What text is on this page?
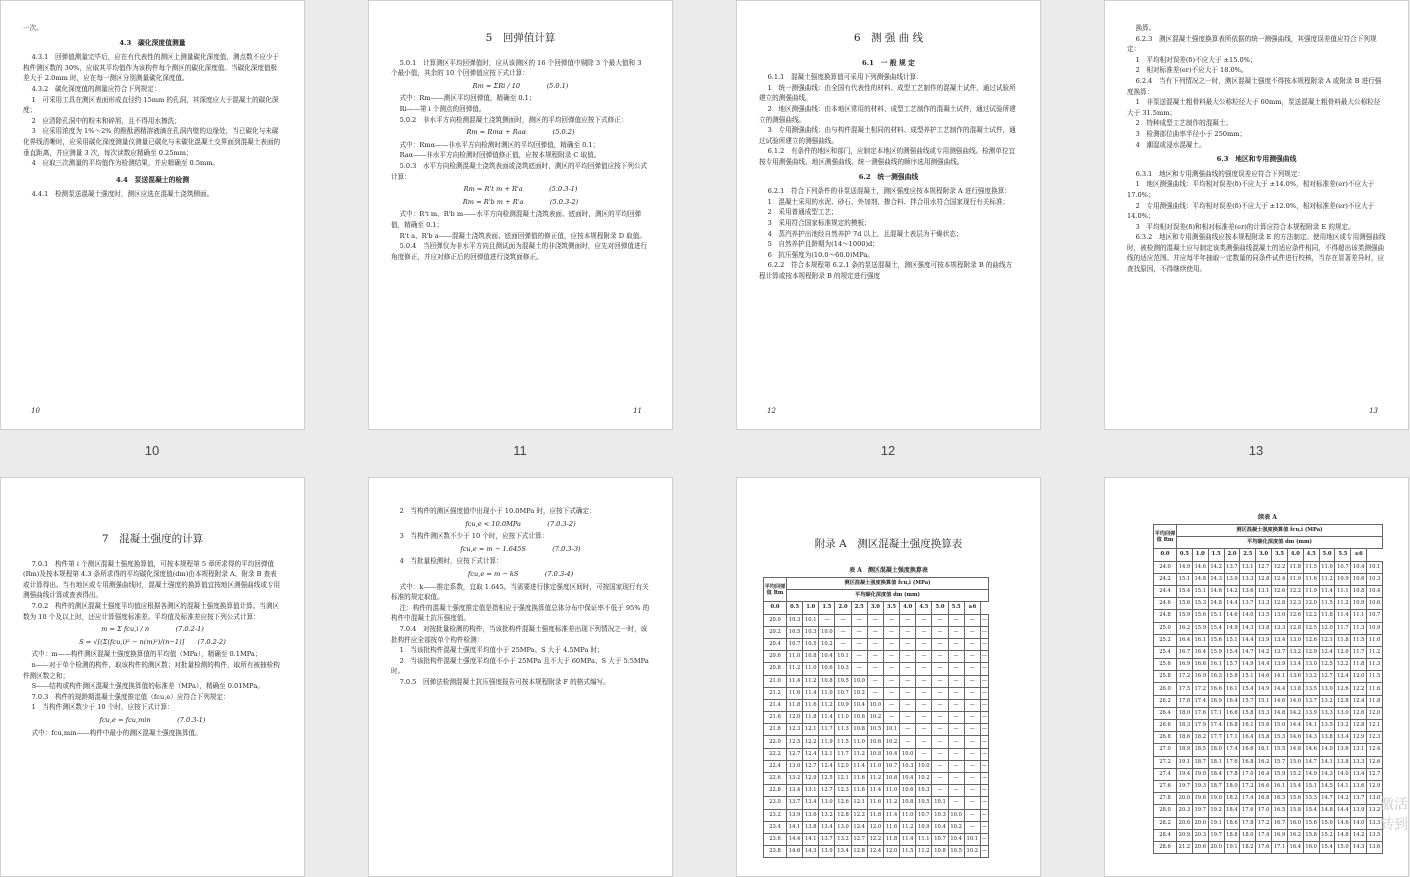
一次。

4.3　碳化深度值测量

4.3.1　回弹值测量完毕后，应在有代表性的测区上测量碳化深度值，测点数不应少于构件测区数的 30%，应取其平均值作为该构件每个测区的碳化深度值。当碳化深度值极差大于 2.0mm 时，应在每一测区分别测量碳化深度值。

4.3.2　碳化深度值的测量应符合下列规定：

1　可采用工具在测区表面形成直径约 15mm 的孔洞，其深度应大于混凝土的碳化深度；

2　应清除孔洞中的粉末和碎屑，且不得用水擦洗；

3　应采用浓度为 1%～2% 的酚酞酒精溶液滴在孔洞内壁的边缘处，当已碳化与未碳化界线清晰时，应采用碳化深度测量仪测量已碳化与未碳化混凝土交界面到混凝土表面的垂直距离，并应测量 3 次，每次读数应精确至 0.25mm；

4　应取三次测量的平均值作为检测结果，并应精确至 0.5mm。

4.4　泵送混凝土的检测

4.4.1　检测泵送混凝土强度时，测区应选在混凝土浇筑侧面。

10
10
5　回弹值计算

5.0.1　计算测区平均回弹值时，应从该测区的 16 个回弹值中剔除 3 个最大值和 3 个最小值，其余的 10 个回弹值应按下式计算：

Rm = ΣRi / 10　　　　(5.0.1)

式中：Rm——测区平均回弹值，精确至 0.1；

Ri——第 i 个测点的回弹值。

5.0.2　非水平方向检测混凝土浇筑侧面时，测区的平均回弹值应按下式修正：

Rm = Rmα + Raα　　　　(5.0.2)

式中：Rmα——非水平方向检测时测区的平均回弹值，精确至 0.1；

Raα——非水平方向检测时回弹值修正值，应按本规程附录 C 取值。

5.0.3　水平方向检测混凝土浇筑表面或浇筑底面时，测区的平均回弹值应按下列公式计算：

Rm = R't m + R'a　　　　(5.0.3-1)
Rm = R'b m + R'a　　　　(5.0.3-2)

式中：R't m、R'b m——水平方向检测混凝土浇筑表面、底面时，测区的平均回弹值，精确至 0.1；

R't a、R'b a——混凝土浇筑表面、底面回弹值的修正值，应按本规程附录 D 取值。

5.0.4　当回弹仪为非水平方向且测试面为混凝土的非浇筑侧面时，应先对回弹值进行角度修正，并应对修正后的回弹值进行浇筑面修正。

11
11
6　测 强 曲 线
6.1　一 般 规 定

6.1.1　混凝土强度换算值可采用下列测强曲线计算：

1　统一测强曲线：由全国有代表性的材料、成型工艺制作的混凝土试件，通过试验所建立的测强曲线。

2　地区测强曲线：由本地区常用的材料、成型工艺制作的混凝土试件，通过试验所建立的测强曲线。

3　专用测强曲线：由与构件混凝土相同的材料、成型养护工艺制作的混凝土试件，通过试验所建立的测强曲线。

6.1.2　有条件的地区和部门，应制定本地区的测强曲线或专用测强曲线。检测单位宜按专用测强曲线、地区测强曲线、统一测强曲线的顺序选用测强曲线。

6.2　统一测强曲线

6.2.1　符合下列条件的非泵送混凝土，测区强度应按本规程附录 A 进行强度换算：

1　混凝土采用的水泥、砂石、外加剂、掺合料、拌合用水符合国家现行有关标准；

2　采用普通成型工艺；

3　采用符合国家标准规定的模板；

4　蒸汽养护出池经自然养护 7d 以上，且混凝土表层为干燥状态；

5　自然养护且龄期为(14～1000)d；

6　抗压强度为(10.0～60.0)MPa。

6.2.2　符合本规程第 6.2.1 条的泵送混凝土，测区强度可按本规程附录 B 的曲线方程计算或按本规程附录 B 的规定进行强度

12
12

换算。

6.2.3　测区混凝土强度换算表所依据的统一测强曲线，其强度误差值应符合下列规定：

1　平均相对误差(δ)不应大于 ±15.0%；

2　相对标准差(er)不应大于 18.0%。

6.2.4　当有下列情况之一时，测区混凝土强度不得按本规程附录 A 或附录 B 进行强度换算：

1　非泵送混凝土粗骨料最大公称粒径大于 60mm，泵送混凝土粗骨料最大公称粒径大于 31.5mm；

2　特种成型工艺制作的混凝土；

3　检测部位曲率半径小于 250mm；

4　潮湿或浸水混凝土。

6.3　地区和专用测强曲线

6.3.1　地区和专用测强曲线的强度误差应符合下列规定：

1　地区测强曲线：平均相对误差(δ)不应大于 ±14.0%，相对标准差(er)不应大于 17.0%；

2　专用测强曲线：平均相对误差(δ)不应大于 ±12.0%，相对标准差(er)不应大于 14.0%；

3　平均相对误差(δ)和相对标准差(er)的计算应符合本规程附录 E 的规定。

6.3.2　地区和专用测强曲线应按本规程附录 E 的方法制定。使用地区或专用测强曲线时，被检测的混凝土应与制定该类测强曲线混凝土的适应条件相同，不得超出该类测强曲线的适应范围。并应每半年抽取一定数量的同条件试件进行校核，当存在显著差异时，应查找原因，不得继续使用。

13
13
7　混凝土强度的计算

7.0.1　构件第 i 个测区混凝土强度换算值，可按本规程第 5 章所求得的平均回弹值(Rm)及按本规程第 4.3 条所求得的平均碳化深度值(dm)由本规程附录 A、附录 B 查表或计算得出。当有地区或专用测强曲线时，混凝土强度的换算值宜按地区测强曲线或专用测强曲线计算或查表得出。

7.0.2　构件的测区混凝土强度平均值应根据各测区的混凝土强度换算值计算。当测区数为 10 个及以上时，还应计算强度标准差。平均值及标准差应按下列公式计算：

m = Σ fcu,i / n　　　　(7.0.2-1)
S = √[(Σ(fcu,i)² − n(m)²)/(n−1)]　　(7.0.2-2)

式中：m——构件测区混凝土强度换算值的平均值（MPa），精确至 0.1MPa；

n——对于单个检测的构件，取该构件的测区数；对批量检测的构件，取所有被抽检构件测区数之和；

S——结构或构件测区混凝土强度换算值的标准差（MPa），精确至 0.01MPa。

7.0.3　构件的现龄期混凝土强度推定值（fcu,e）应符合下列规定：

1　当构件测区数少于 10 个时，应按下式计算：

fcu,e = fcu,min　　　　(7.0.3-1)

式中：fcu,min——构件中最小的测区混凝土强度换算值。

2　当构件的测区强度值中出现小于 10.0MPa 时，应按下式确定：

fcu,e < 10.0MPa　　　　(7.0.3-2)

3　当构件测区数不少于 10 个时，应按下式计算：

fcu,e = m − 1.645S　　　　(7.0.3-3)

4　当批量检测时，应按下式计算：

fcu,e = m − kS　　　　(7.0.3-4)

式中：k——推定系数，宜取 1.645。当需要进行推定强度区间时，可按国家现行有关标准的规定取值。

注：构件的混凝土强度推定值是指相应于强度换算值总体分布中保证率不低于 95% 的构件中混凝土抗压强度值。

7.0.4　对按批量检测的构件，当该批构件混凝土强度标准差出现下列情况之一时，该批构件应全部按单个构件检测：

1　当该批构件混凝土强度平均值小于 25MPa、S 大于 4.5MPa 时；

2　当该批构件混凝土强度平均值不小于 25MPa 且不大于 60MPa、S 大于 5.5MPa 时。

7.0.5　回弹法检测混凝土抗压强度报告可按本规程附录 F 的格式编写。

附录 A　测区混凝土强度换算表
表 A　测区混凝土强度换算表
平均回弹值 Rm	测区混凝土强度换算值 fcu,i (MPa)												
	平均碳化深度值 dm (mm)												
0.0	0.5	1.0	1.5	2.0	2.5	3.0	3.5	4.0	4.5	5.0	5.5	≥6	
20.0	10.3	10.1	—	—	—	—	—	—	—	—	—	—	—
20.2	10.5	10.3	10.0	—	—	—	—	—	—	—	—	—	—
20.4	10.7	10.5	10.2	—	—	—	—	—	—	—	—	—	—
20.6	11.0	10.8	10.4	10.1	—	—	—	—	—	—	—	—	—
20.8	11.2	11.0	10.6	10.3	—	—	—	—	—	—	—	—	—
21.0	11.4	11.2	10.8	10.5	10.0	—	—	—	—	—	—	—	—
21.2	11.6	11.4	11.0	10.7	10.2	—	—	—	—	—	—	—	—
21.4	11.8	11.6	11.2	10.9	10.4	10.0	—	—	—	—	—	—	—
21.6	12.0	11.8	11.4	11.0	10.6	10.2	—	—	—	—	—	—	—
21.8	12.3	12.1	11.7	11.3	10.8	10.5	10.1	—	—	—	—	—	—
22.0	12.5	12.2	11.9	11.5	11.0	10.6	10.2	—	—	—	—	—	—
22.2	12.7	12.4	12.1	11.7	11.2	10.8	10.4	10.0	—	—	—	—	—
22.4	13.0	12.7	12.4	12.0	11.4	11.0	10.7	10.3	10.0	—	—	—	—
22.6	13.2	12.9	12.5	12.1	11.6	11.2	10.8	10.4	10.2	—	—	—	—
22.8	13.4	13.1	12.7	12.3	11.8	11.4	11.0	10.6	10.3	—	—	—	—
23.0	13.7	13.4	13.0	12.6	12.1	11.6	11.2	10.8	10.5	10.1	—	—	—
23.2	13.9	13.6	13.2	12.8	12.2	11.8	11.4	11.0	10.7	10.3	10.0	—	—
23.4	14.1	13.8	13.4	13.0	12.4	12.0	11.6	11.2	10.9	10.4	10.2	—	—
23.6	14.4	14.1	13.7	13.2	12.7	12.2	11.8	11.4	11.1	10.7	10.4	10.1	—
23.8	14.6	14.3	13.9	13.4	12.8	12.4	12.0	11.5	11.2	10.8	10.5	10.2	—
续表 A
平均回弹值 Rm	测区混凝土强度换算值 fcu,i (MPa)												
	平均碳化深度值 dm (mm)												
0.0	0.5	1.0	1.5	2.0	2.5	3.0	3.5	4.0	4.5	5.0	5.5	≥6	
24.0	14.9	14.6	14.2	13.7	13.1	12.7	12.2	11.8	11.5	11.0	10.7	10.4	10.1
24.2	15.1	14.8	14.3	13.9	13.3	12.8	12.4	11.9	11.6	11.2	10.9	10.6	10.3
24.4	15.4	15.1	14.6	14.2	13.6	13.1	12.6	12.2	11.9	11.4	11.1	10.8	10.4
24.6	15.6	15.3	14.8	14.4	13.7	13.3	12.8	12.3	12.0	11.5	11.2	10.9	10.6
24.8	15.9	15.6	15.1	14.6	14.0	13.5	13.0	12.6	12.2	11.8	11.4	11.1	10.7
25.0	16.2	15.9	15.4	14.9	14.3	13.8	13.3	12.8	12.5	12.0	11.7	11.3	10.9
25.2	16.4	16.1	15.6	15.1	14.4	13.9	13.4	13.0	12.6	12.1	11.8	11.5	11.0
25.4	16.7	16.4	15.9	15.4	14.7	14.2	13.7	13.2	12.9	12.4	12.0	11.7	11.2
25.6	16.9	16.6	16.1	15.7	14.9	14.4	13.9	13.4	13.0	12.5	12.2	11.8	11.3
25.8	17.2	16.9	16.3	15.8	15.1	14.6	14.1	13.6	13.2	12.7	12.4	12.0	11.5
26.0	17.5	17.2	16.6	16.1	15.4	14.9	14.4	13.8	13.5	13.0	12.6	12.2	11.6
26.2	17.8	17.4	16.9	16.4	15.7	15.1	14.6	14.0	13.7	13.2	12.8	12.4	11.8
26.4	18.0	17.6	17.1	16.6	15.8	15.3	14.8	14.2	13.9	13.3	13.0	12.6	12.0
26.6	18.3	17.9	17.4	16.8	16.1	15.6	15.0	14.4	14.1	13.5	13.2	12.8	12.1
26.8	18.6	18.2	17.7	17.1	16.4	15.8	15.3	14.6	14.3	13.8	13.4	12.9	12.3
27.0	18.9	18.5	18.0	17.4	16.6	16.1	15.5	14.8	14.6	14.0	13.6	13.1	12.4
27.2	19.1	18.7	18.1	17.6	16.8	16.2	15.7	15.0	14.7	14.1	13.8	13.3	12.6
27.4	19.4	19.0	18.4	17.8	17.0	16.4	15.9	15.2	14.9	14.3	14.0	13.4	12.7
27.6	19.7	19.3	18.7	18.0	17.2	16.6	16.1	15.4	15.1	14.5	14.1	13.6	12.9
27.8	20.0	19.6	19.0	18.2	17.4	16.8	16.3	15.6	15.3	14.7	14.2	13.7	13.0
28.0	20.3	19.7	19.2	18.4	17.6	17.0	16.5	15.8	15.4	14.8	14.4	13.9	13.2
28.2	20.6	20.0	19.1	18.6	17.8	17.2	16.7	16.0	15.6	15.0	14.6	14.0	13.3
28.4	20.9	20.3	19.7	18.8	18.0	17.4	16.9	16.2	15.8	15.2	14.8	14.2	13.5
28.6	21.2	20.6	20.0	19.1	18.2	17.6	17.1	16.4	16.0	15.4	15.0	14.3	13.6
激活
转到
